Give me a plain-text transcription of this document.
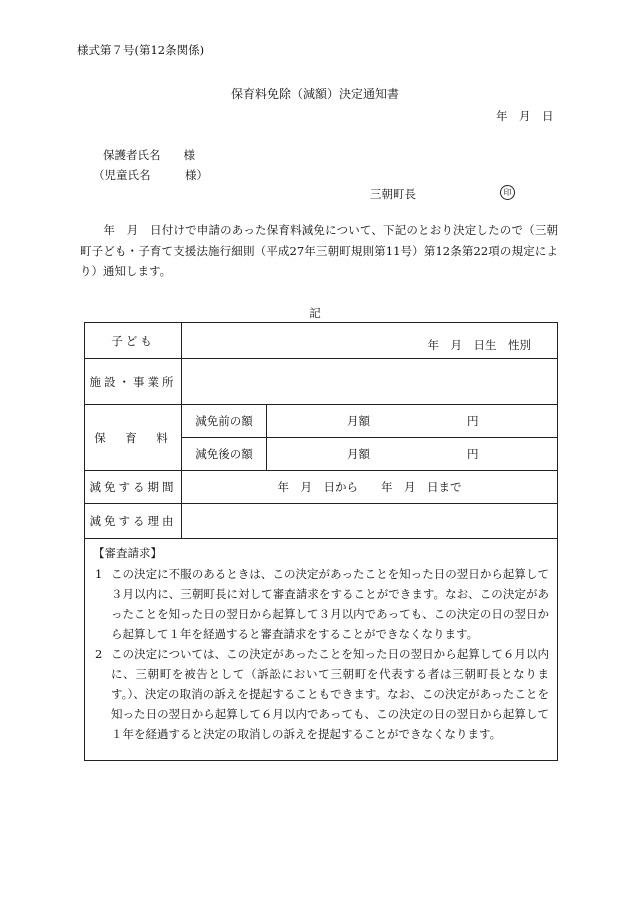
様式第７号(第12条関係)
保育料免除（減額）決定通知書
年　月　日
保護者氏名　　様
（児童氏名　　　様）
三朝町長	印
　　年　月　日付けで申請のあった保育料減免について、下記のとおり決定したので（三朝町子ども・子育て支援法施行細則（平成27年三朝町規則第11号）第12条第22項の規定により）通知します。
記
子ども	年　月　日生　性別	
施設・事業所		
保　育　料	減免前の額	月額 円

	減免後の額	月額 円

減免する期間	年　月　日から　　年　月　日まで	
減免する理由		

【審査請求】
1 この決定に不服のあるときは、この決定があったことを知った日の翌日から起算して３月以内に、三朝町長に対して審査請求をすることができます。なお、この決定があったことを知った日の翌日から起算して３月以内であっても、この決定の日の翌日から起算して１年を経過すると審査請求をすることができなくなります。
2 この決定については、この決定があったことを知った日の翌日から起算して６月以内に、三朝町を被告として（訴訟において三朝町を代表する者は三朝町長となります。）、決定の取消の訴えを提起することもできます。なお、この決定があったことを知った日の翌日から起算して６月以内であっても、この決定の日の翌日から起算して１年を経過すると決定の取消しの訴えを提起することができなくなります。		
